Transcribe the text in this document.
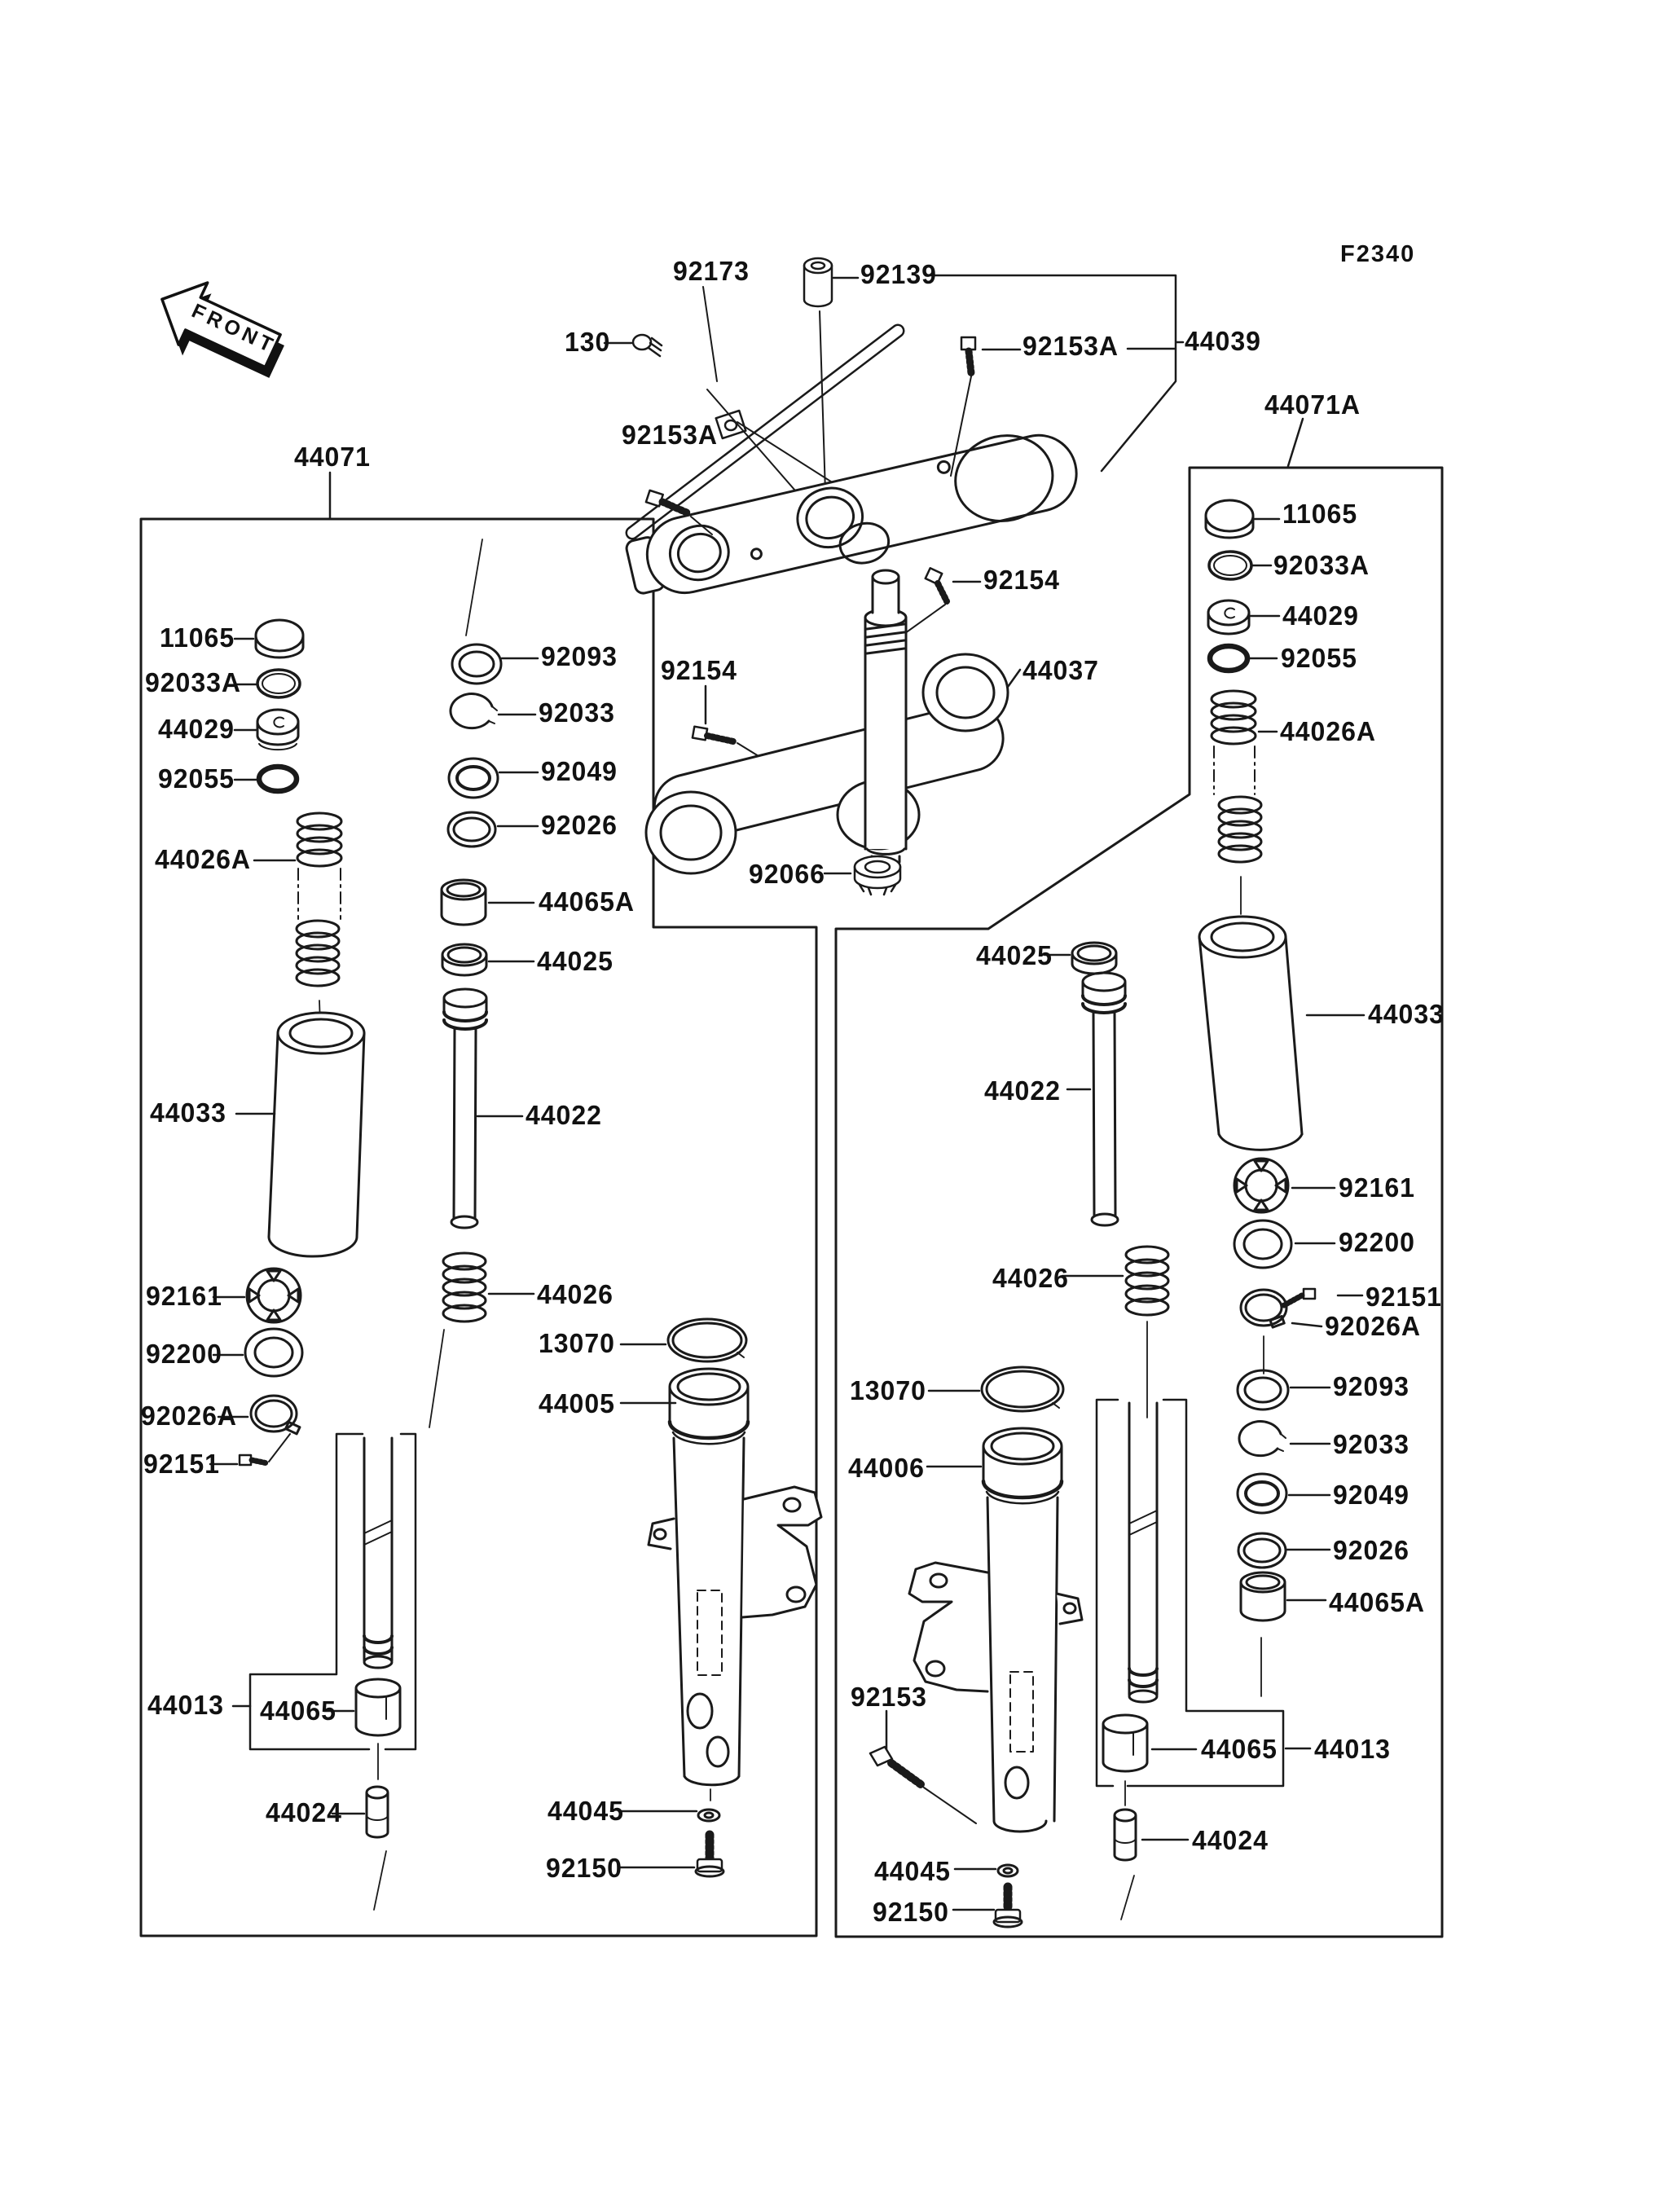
F2340
FRONT
92173
130
92139
92153A 44039
92153A
92154
44037
92154
92066
44071
11065
92033A
44029
92055
44026A
44033
92161
92200
92026A
92151
44013
92093
92033
92049
92026
44065A
44025
44022
44026
13070
44005
44065
44024	44045
92150
44071A
11065
92033A
44029
92055
44026A
44033
92161
92200
92151
92026A
92093
92033
92049
92026
44065A
44025
44022
44026
13070
44006
92153
44045
92150
44065 44013
44024
